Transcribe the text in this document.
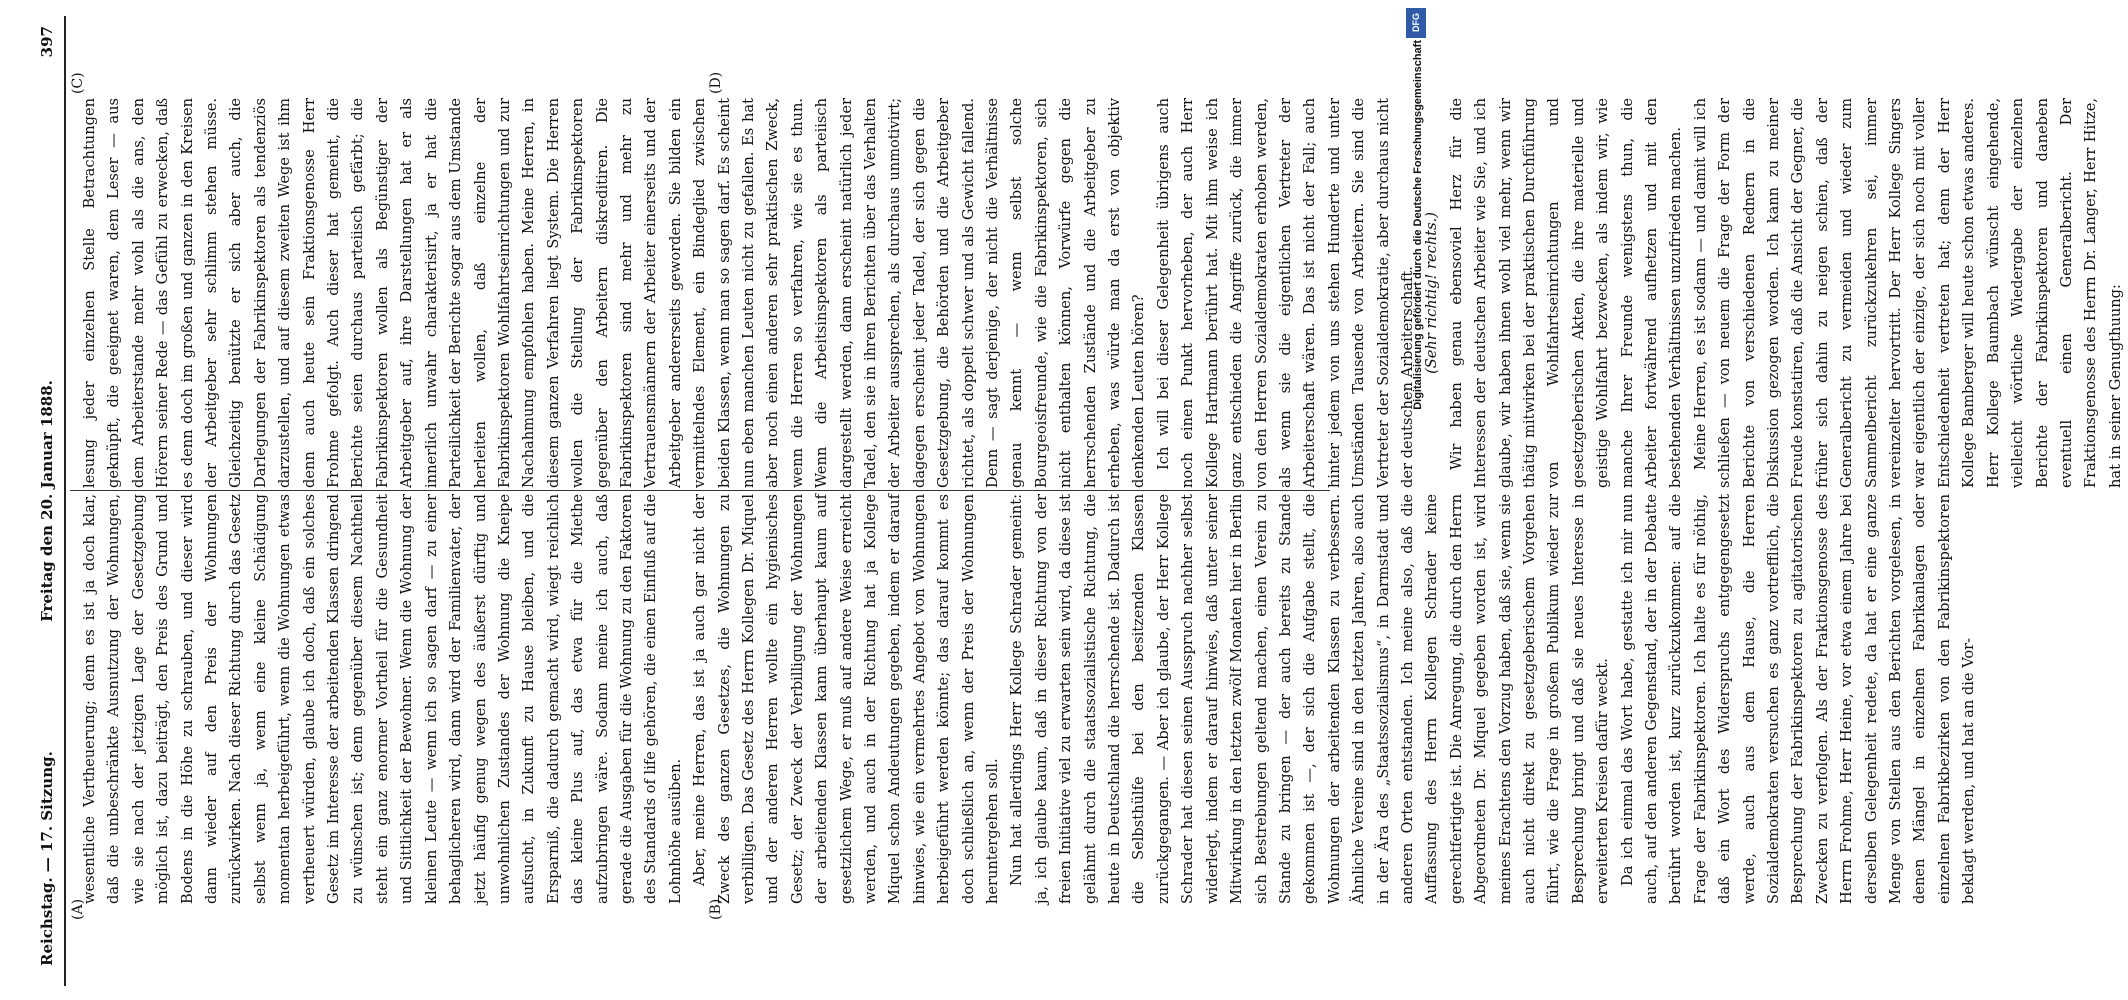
Reichstag. — 17. Sitzung.
Freitag den 20. Januar 1888.
397
(A)	(B)
(C)	(D)

wesentliche Vertheuerung; denn es ist ja doch klar, daß die unbeschränkte Ausnutzung der Wohnungen, wie sie nach der jetzigen Lage der Gesetzgebung möglich ist, dazu beiträgt, den Preis des Grund und Bodens in die Höhe zu schrauben, und dieser wird dann wieder auf den Preis der Wohnungen zurückwirken. Nach dieser Richtung durch das Gesetz selbst wenn ja, wenn eine kleine Schädigung momentan herbeigeführt, wenn die Wohnungen etwas vertheuert würden, glaube ich doch, daß ein solches Gesetz im Interesse der arbeitenden Klassen dringend zu wünschen ist; denn gegenüber diesem Nachtheil steht ein ganz enormer Vortheil für die Gesundheit und Sittlichkeit der Bewohner. Wenn die Wohnung der kleinen Leute — wenn ich so sagen darf — zu einer behaglicheren wird, dann wird der Familienvater, der jetzt häufig genug wegen des äußerst dürftig und unwohnlichen Zustandes der Wohnung die Kneipe aufsucht, in Zukunft zu Hause bleiben, und die Ersparniß, die dadurch gemacht wird, wiegt reichlich das kleine Plus auf, das etwa für die Miethe aufzubringen wäre. Sodann meine ich auch, daß gerade die Ausgaben für die Wohnung zu den Faktoren des Standards of life gehören, die einen Einfluß auf die Lohnhöhe ausüben. Aber, meine Herren, das ist ja auch gar nicht der Zweck des ganzen Gesetzes, die Wohnungen zu verbilligen. Das Gesetz des Herrn Kollegen Dr. Miquel und der anderen Herren wollte ein hygienisches Gesetz; der Zweck der Verbilligung der Wohnungen der arbeitenden Klassen kann überhaupt kaum auf gesetzlichem Wege, er muß auf andere Weise erreicht werden, und auch in der Richtung hat ja Kollege Miquel schon Andeutungen gegeben, indem er darauf hinwies, wie ein vermehrtes Angebot von Wohnungen herbeigeführt werden könnte; das darauf kommt es doch schließlich an, wenn der Preis der Wohnungen heruntergehen soll. Nun hat allerdings Herr Kollege Schrader gemeint: ja, ich glaube kaum, daß in dieser Richtung von der freien Initiative viel zu erwarten sein wird, da diese ist gelähmt durch die staatssozialistische Richtung, die heute in Deutschland die herrschende ist. Dadurch ist die Selbsthülfe bei den besitzenden Klassen zurückgegangen. — Aber ich glaube, der Herr Kollege Schrader hat diesen seinen Ausspruch nachher selbst widerlegt, indem er darauf hinwies, daß unter seiner Mitwirkung in den letzten zwölf Monaten hier in Berlin sich Bestrebungen geltend machen, einen Verein zu Stande zu bringen — der auch bereits zu Stande gekommen ist —, der sich die Aufgabe stellt, die Wohnungen der arbeitenden Klassen zu verbessern. Ähnliche Vereine sind in den letzten Jahren, also auch in der Ära des „Staatssozialismus“, in Darmstadt und anderen Orten entstanden. Ich meine also, daß die Auffassung des Herrn Kollegen Schrader keine gerechtfertigte ist. Die Anregung, die durch den Herrn Abgeordneten Dr. Miquel gegeben worden ist, wird meines Erachtens den Vorzug haben, daß sie, wenn sie auch nicht direkt zu gesetzgeberischem Vorgehen führt, wie die Frage in großem Publikum wieder zur Besprechung bringt und daß sie neues Interesse in erweiterten Kreisen dafür weckt. Da ich einmal das Wort habe, gestatte ich mir nun auch, auf den anderen Gegenstand, der in der Debatte berührt worden ist, kurz zurückzukommen: auf die Frage der Fabrikinspektoren. Ich halte es für nöthig, daß ein Wort des Widerspruchs entgegengesetzt werde, auch aus dem Hause, die Herren Sozialdemokraten versuchen es ganz vortrefflich, die Besprechung der Fabrikinspektoren zu agitatorischen Zwecken zu verfolgen. Als der Fraktionsgenosse des Herrn Frohme, Herr Heine, vor etwa einem Jahre bei derselben Gelegenheit redete, da hat er eine ganze Menge von Stellen aus den Berichten vorgelesen, in denen Mängel in einzelnen Fabrikanlagen oder einzelnen Fabrikbezirken von den Fabrikinspektoren beklagt werden, und hat an die Vor-

lesung jeder einzelnen Stelle Betrachtungen geknüpft, die geeignet waren, dem Leser — aus dem Arbeiterstande mehr wohl als die ans, den Hörern seiner Rede — das Gefühl zu erwecken, daß es denn doch im großen und ganzen in den Kreisen der Arbeitgeber sehr schlimm stehen müsse. Gleichzeitig benützte er sich aber auch, die Darlegungen der Fabrikinspektoren als tendenziös darzustellen, und auf diesem zweiten Wege ist ihm denn auch heute sein Fraktionsgenosse Herr Frohme gefolgt. Auch dieser hat gemeint, die Berichte seien durchaus parteiisch gefärbt; die Fabrikinspektoren wollen als Begünstiger der Arbeitgeber auf, ihre Darstellungen hat er als innerlich unwahr charakterisirt, ja er hat die Parteilichkeit der Berichte sogar aus dem Umstande herleiten wollen, daß einzelne der Fabrikinspektoren Wohlfahrtseinrichtungen und zur Nachahmung empfohlen haben. Meine Herren, in diesem ganzen Verfahren liegt System. Die Herren wollen die Stellung der Fabrikinspektoren gegenüber den Arbeitern diskreditiren. Die Fabrikinspektoren sind mehr und mehr zu Vertrauensmännern der Arbeiter einerseits und der Arbeitgeber andererseits geworden. Sie bilden ein vermittelndes Element, ein Bindeglied zwischen beiden Klassen, wenn man so sagen darf. Es scheint nun eben manchen Leuten nicht zu gefallen. Es hat aber noch einen anderen sehr praktischen Zweck, wenn die Herren so verfahren, wie sie es thun. Wenn die Arbeitsinspektoren als parteiisch dargestellt werden, dann erscheint natürlich jeder Tadel, den sie in ihren Berichten über das Verhalten der Arbeiter aussprechen, als durchaus unmotivirt; dagegen erscheint jeder Tadel, der sich gegen die Gesetzgebung, die Behörden und die Arbeitgeber richtet, als doppelt schwer und als Gewicht fallend. Denn — sagt derjenige, der nicht die Verhältnisse genau kennt — wenn selbst solche Bourgeoisfreunde, wie die Fabrikinspektoren, sich nicht enthalten können, Vorwürfe gegen die herrschenden Zustände und die Arbeitgeber zu erheben, was würde man da erst von objektiv denkenden Leuten hören? Ich will bei dieser Gelegenheit übrigens auch noch einen Punkt hervorheben, der auch Herr Kollege Hartmann berührt hat. Mit ihm weise ich ganz entschieden die Angriffe zurück, die immer von den Herren Sozialdemokraten erhoben werden, als wenn sie die eigentlichen Vertreter der Arbeiterschaft wären. Das ist nicht der Fall; auch hinter jedem von uns stehen Hunderte und unter Umständen Tausende von Arbeitern. Sie sind die Vertreter der Sozialdemokratie, aber durchaus nicht der deutschen Arbeiterschaft. (Sehr richtig! rechts.) Wir haben genau ebensoviel Herz für die Interessen der deutschen Arbeiter wie Sie, und ich glaube, wir haben ihnen wohl viel mehr, wenn wir thätig mitwirken bei der praktischen Durchführung von Wohlfahrtseinrichtungen und gesetzgeberischen Akten, die ihre materielle und geistige Wohlfahrt bezwecken, als indem wir, wie manche Ihrer Freunde wenigstens thun, die Arbeiter fortwährend aufhetzen und mit den bestehenden Verhältnissen unzufrieden machen. Meine Herren, es ist sodann — und damit will ich schließen — von neuem die Frage der Form der Berichte von verschiedenen Rednern in die Diskussion gezogen worden. Ich kann zu meiner Freude konstatiren, daß die Ansicht der Gegner, die früher sich dahin zu neigen schien, daß der Generalbericht zu vermeiden und wieder zum Sammelbericht zurückzukehren sei, immer vereinzelter hervortritt. Der Herr Kollege Singers war eigentlich der einzige, der sich noch mit voller Entschiedenheit vertreten hat; denn der Herr Kollege Bamberger will heute schon etwas anderes. Herr Kollege Baumbach wünscht eingehende, vielleicht wörtliche Wiedergabe der einzelnen Berichte der Fabrikinspektoren und daneben eventuell einen Generalbericht. Der Fraktionsgenosse des Herrn Dr. Langer, Herr Hitze, hat in seiner Genugthuung:

DFG
Digitalisierung gefördert durch die Deutsche Forschungsgemeinschaft
